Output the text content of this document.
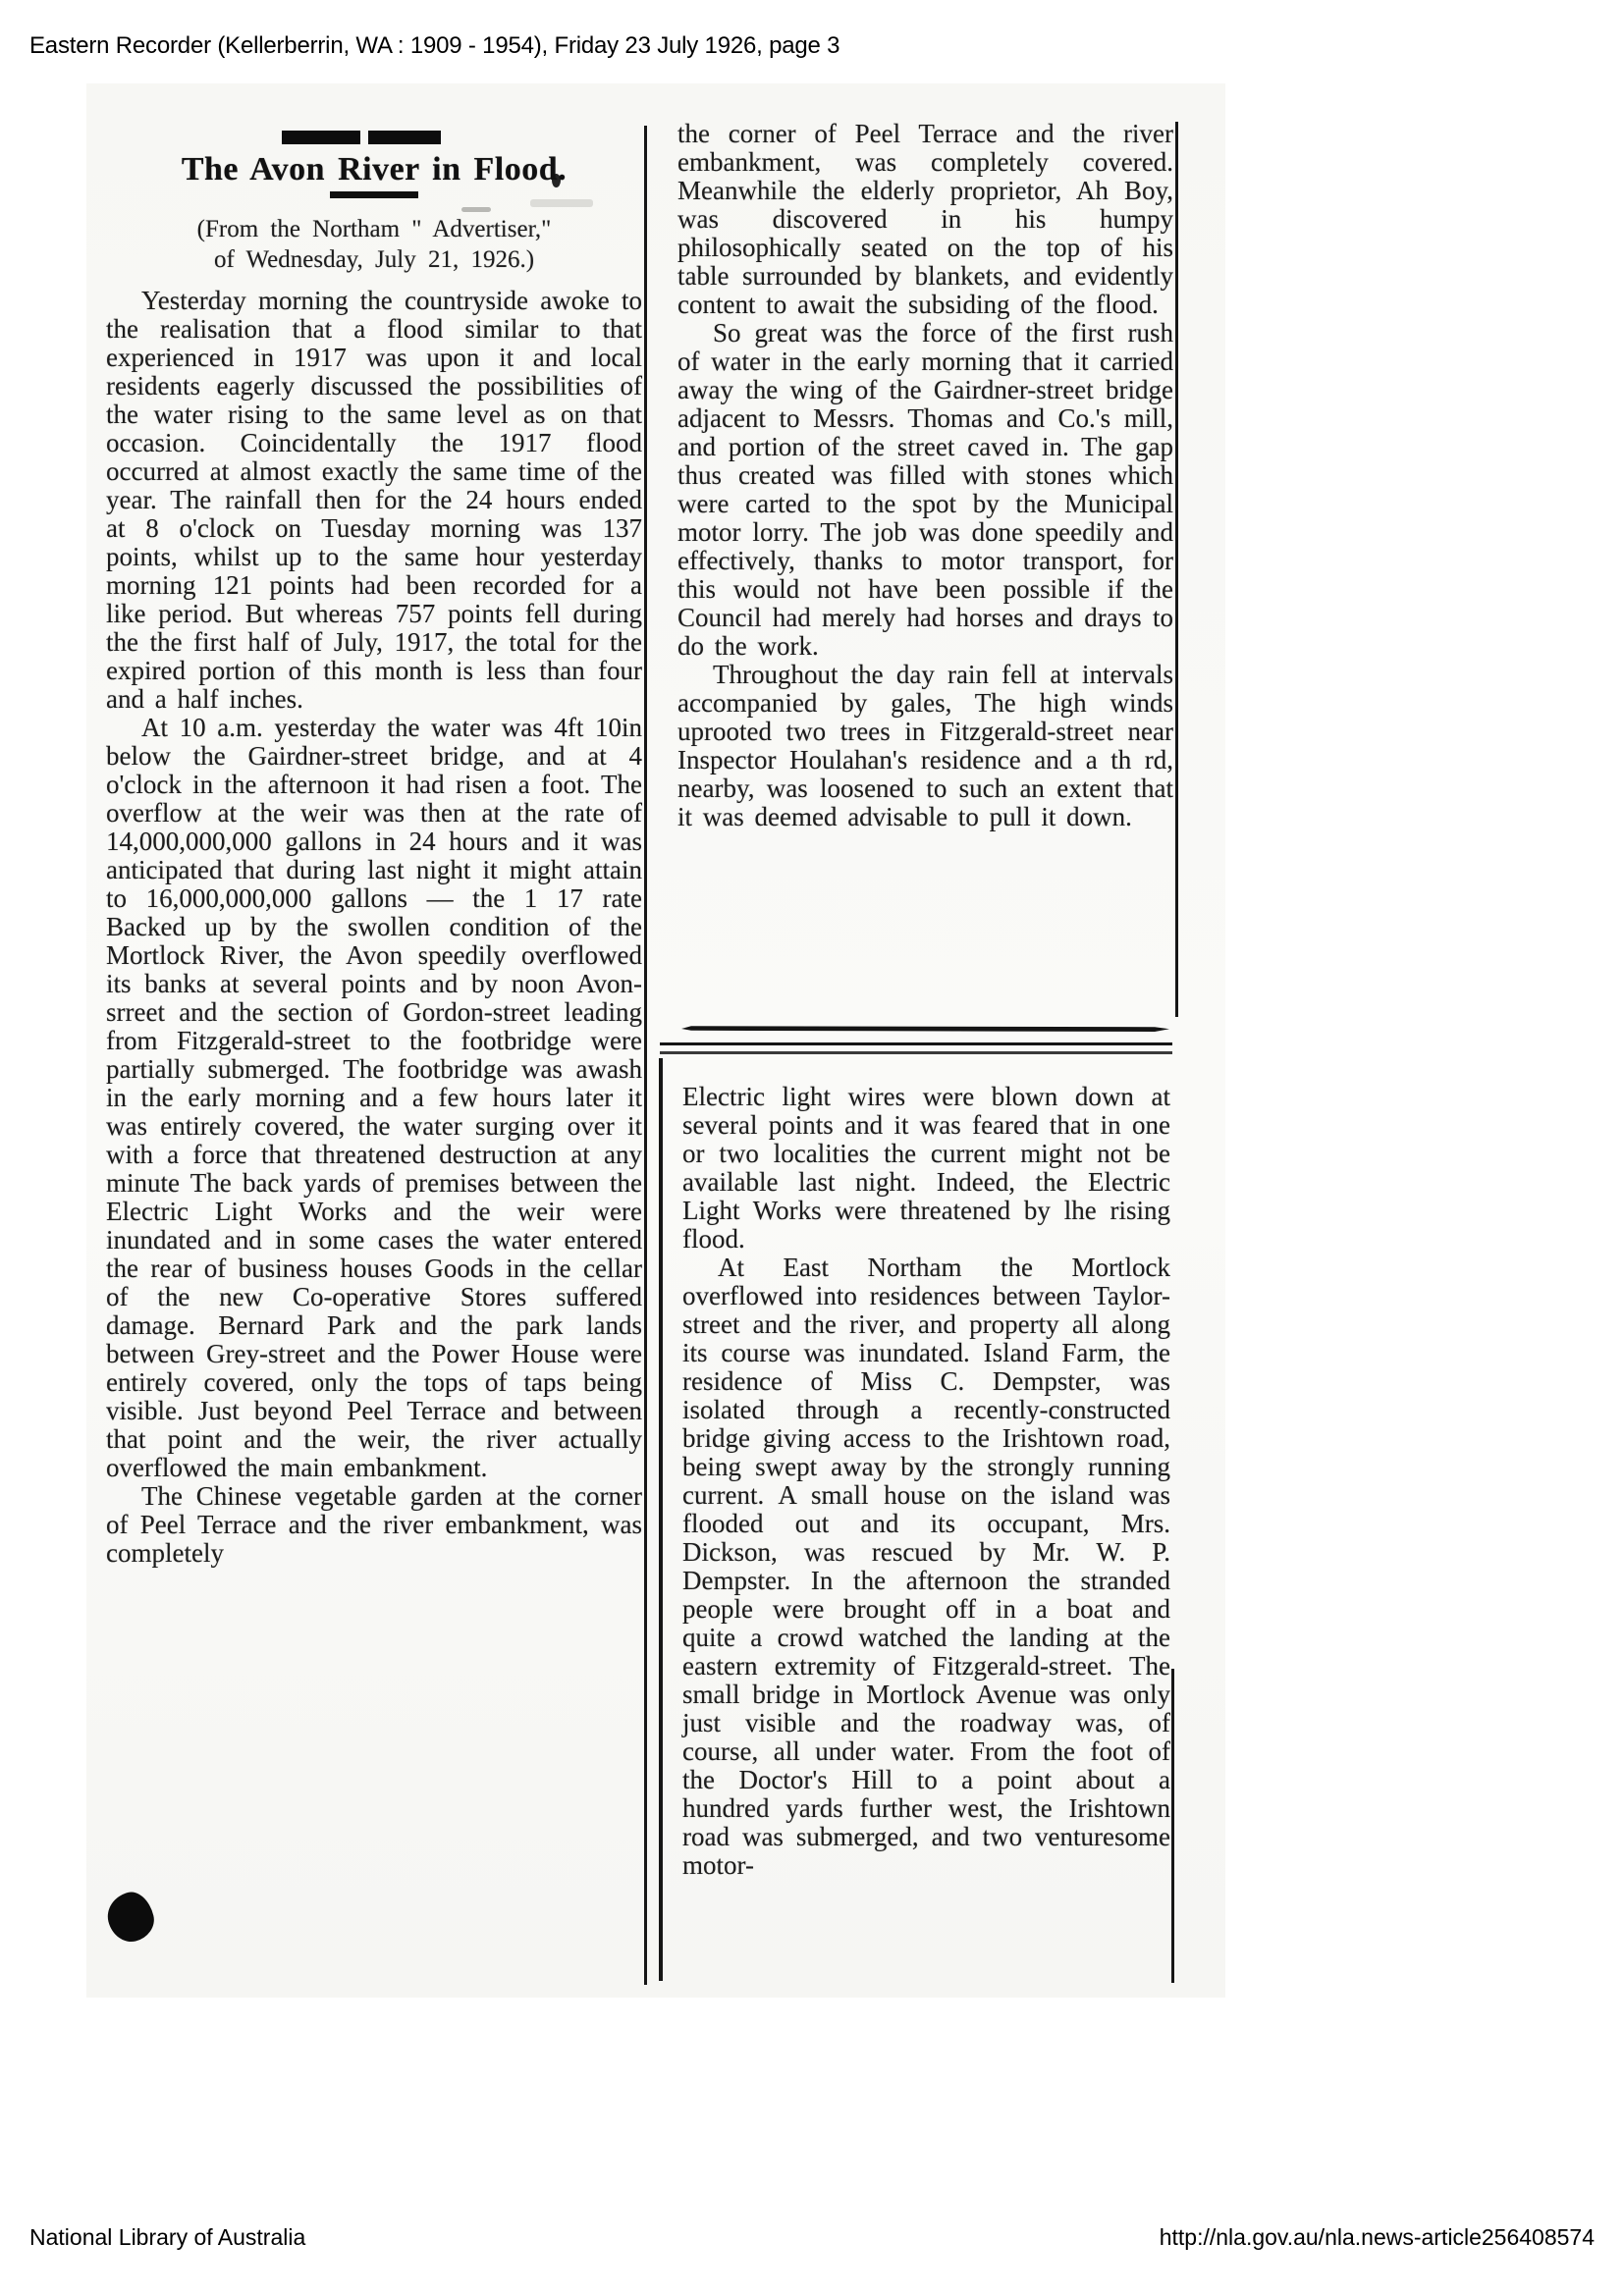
Eastern Recorder (Kellerberrin, WA : 1909 - 1954), Friday 23 July 1926, page 3
The Avon River in Flood.
(From the Northam " Advertiser,"
of Wednesday, July 21, 1926.)

Yesterday morning the countryside awoke to the realisation that a flood similar to that experienced in 1917 was upon it and local residents eagerly discussed the possibilities of the water rising to the same level as on that occasion. Coincidentally the 1917 flood occurred at almost exactly the same time of the year. The rainfall then for the 24 hours ended at 8 o'clock on Tuesday morning was 137 points, whilst up to the same hour yesterday morning 121 points had been recorded for a like period. But whereas 757 points fell during the the first half of July, 1917, the total for the expired portion of this month is less than four and a half inches.

At 10 a.m. yesterday the water was 4ft 10in below the Gairdner-street bridge, and at 4 o'clock in the afternoon it had risen a foot. The overflow at the weir was then at the rate of 14,000,000,000 gallons in 24 hours and it was anticipated that during last night it might attain to 16,000,000,000 gallons — the 1 17 rate Backed up by the swollen condition of the Mortlock River, the Avon speedily overflowed its banks at several points and by noon Avon-srreet and the section of Gordon-street leading from Fitzgerald-street to the footbridge were partially submerged. The footbridge was awash in the early morning and a few hours later it was entirely covered, the water surging over it with a force that threatened destruction at any minute The back yards of premises between the Electric Light Works and the weir were inundated and in some cases the water entered the rear of business houses Goods in the cellar of the new Co-operative Stores suffered damage. Bernard Park and the park lands between Grey-street and the Power House were entirely covered, only the tops of taps being visible. Just beyond Peel Terrace and between that point and the weir, the river actually overflowed the main embankment.

The Chinese vegetable garden at the corner of Peel Terrace and the river embankment, was completely

the corner of Peel Terrace and the river embankment, was completely covered. Meanwhile the elderly proprietor, Ah Boy, was discovered in his humpy philosophically seated on the top of his table surrounded by blankets, and evidently content to await the subsiding of the flood.

So great was the force of the first rush of water in the early morning that it carried away the wing of the Gairdner-street bridge adjacent to Messrs. Thomas and Co.'s mill, and portion of the street caved in. The gap thus created was filled with stones which were carted to the spot by the Municipal motor lorry. The job was done speedily and effectively, thanks to motor transport, for this would not have been possible if the Council had merely had horses and drays to do the work.

Throughout the day rain fell at intervals accompanied by gales, The high winds uprooted two trees in Fitzgerald-street near Inspector Houlahan's residence and a th rd, nearby, was loosened to such an extent that it was deemed advisable to pull it down.

Electric light wires were blown down at several points and it was feared that in one or two localities the current might not be available last night. Indeed, the Electric Light Works were threatened by lhe rising flood.

At East Northam the Mortlock overflowed into residences between Taylor-street and the river, and property all along its course was inundated. Island Farm, the residence of Miss C. Dempster, was isolated through a recently-constructed bridge giving access to the Irishtown road, being swept away by the strongly running current. A small house on the island was flooded out and its occupant, Mrs. Dickson, was rescued by Mr. W. P. Dempster. In the afternoon the stranded people were brought off in a boat and quite a crowd watched the landing at the eastern extremity of Fitzgerald-street. The small bridge in Mortlock Avenue was only just visible and the roadway was, of course, all under water. From the foot of the Doctor's Hill to a point about a hundred yards further west, the Irishtown road was submerged, and two venturesome motor-

National Library of Australia	http://nla.gov.au/nla.news-article256408574
